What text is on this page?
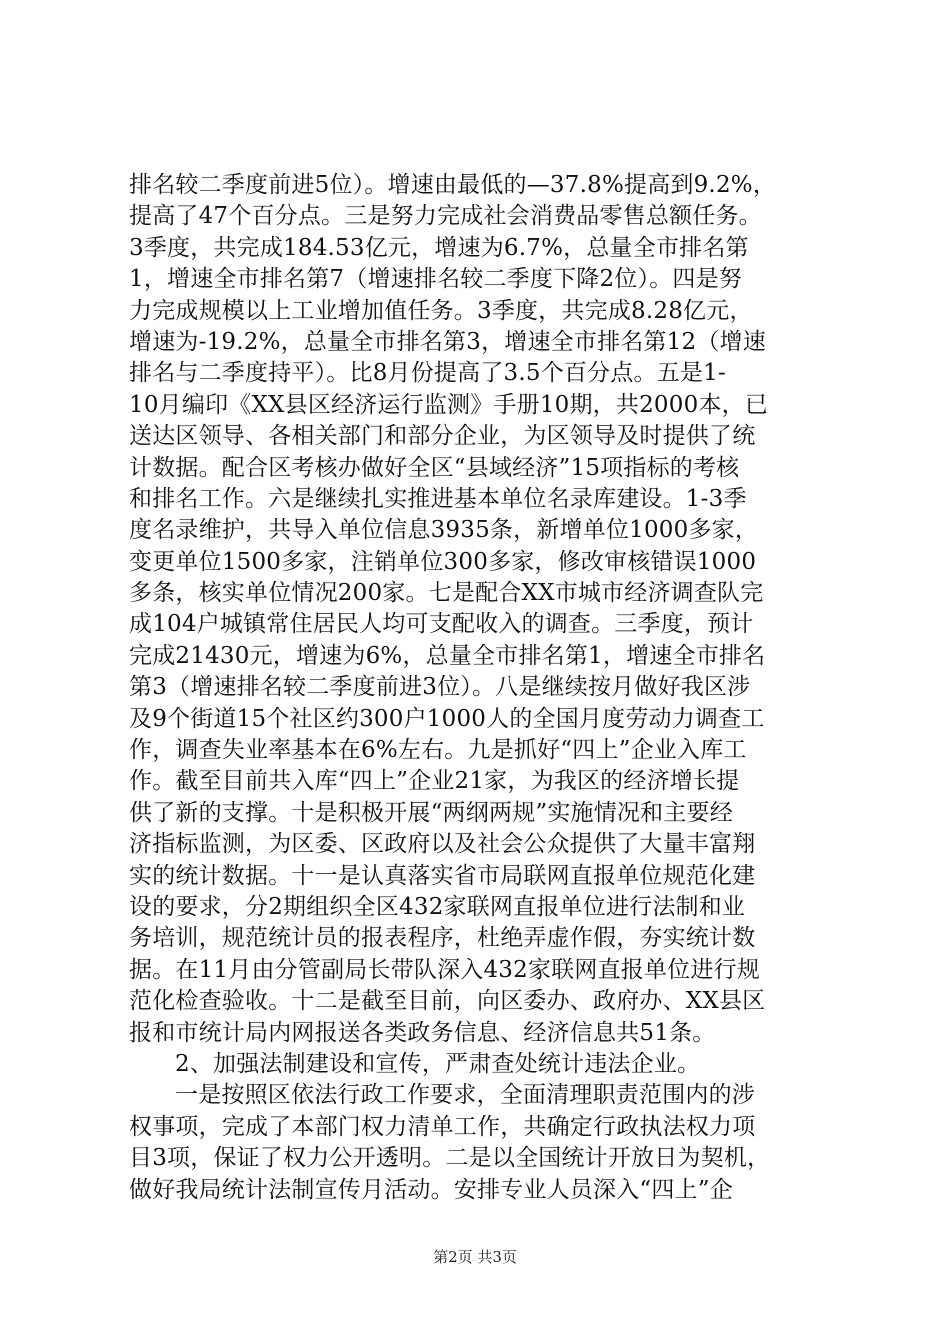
排名较二季度前进5位）。增速由最低的—37.8%提高到9.2%，
提高了47个百分点。三是努力完成社会消费品零售总额任务。
3季度，共完成184.53亿元，增速为6.7%，总量全市排名第
1，增速全市排名第7（增速排名较二季度下降2位）。四是努
力完成规模以上工业增加值任务。3季度，共完成8.28亿元，
增速为-19.2%，总量全市排名第3，增速全市排名第12（增速
排名与二季度持平）。比8月份提高了3.5个百分点。五是1-
10月编印《XX县区经济运行监测》手册10期，共2000本，已
送达区领导、各相关部门和部分企业，为区领导及时提供了统
计数据。配合区考核办做好全区“县域经济”15项指标的考核
和排名工作。六是继续扎实推进基本单位名录库建设。1-3季
度名录维护，共导入单位信息3935条，新增单位1000多家，
变更单位1500多家，注销单位300多家，修改审核错误1000
多条，核实单位情况200家。七是配合XX市城市经济调查队完
成104户城镇常住居民人均可支配收入的调查。三季度，预计
完成21430元，增速为6%，总量全市排名第1，增速全市排名
第3（增速排名较二季度前进3位）。八是继续按月做好我区涉
及9个街道15个社区约300户1000人的全国月度劳动力调查工
作，调查失业率基本在6%左右。九是抓好“四上”企业入库工
作。截至目前共入库“四上”企业21家，为我区的经济增长提
供了新的支撑。十是积极开展“两纲两规”实施情况和主要经
济指标监测，为区委、区政府以及社会公众提供了大量丰富翔
实的统计数据。十一是认真落实省市局联网直报单位规范化建
设的要求，分2期组织全区432家联网直报单位进行法制和业
务培训，规范统计员的报表程序，杜绝弄虚作假，夯实统计数
据。在11月由分管副局长带队深入432家联网直报单位进行规
范化检查验收。十二是截至目前，向区委办、政府办、XX县区
报和市统计局内网报送各类政务信息、经济信息共51条。
2、加强法制建设和宣传，严肃查处统计违法企业。
一是按照区依法行政工作要求，全面清理职责范围内的涉
权事项，完成了本部门权力清单工作，共确定行政执法权力项
目3项，保证了权力公开透明。二是以全国统计开放日为契机，
做好我局统计法制宣传月活动。安排专业人员深入“四上”企
第2页 共3页
